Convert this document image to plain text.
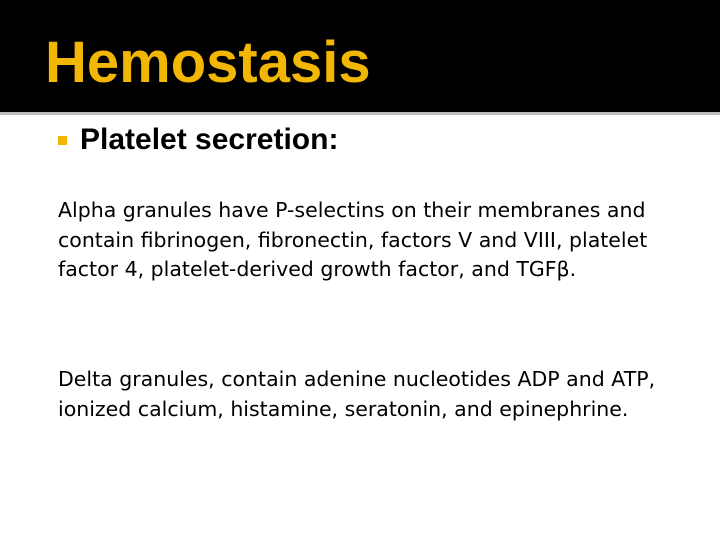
Hemostasis
Platelet secretion:

Alpha granules have P-selectins on their membranes and contain fibrinogen, fibronectin, factors V and VIII, platelet factor 4, platelet-derived growth factor, and TGFβ.

Delta granules, contain adenine nucleotides ADP and ATP, ionized calcium, histamine, seratonin, and epinephrine.
